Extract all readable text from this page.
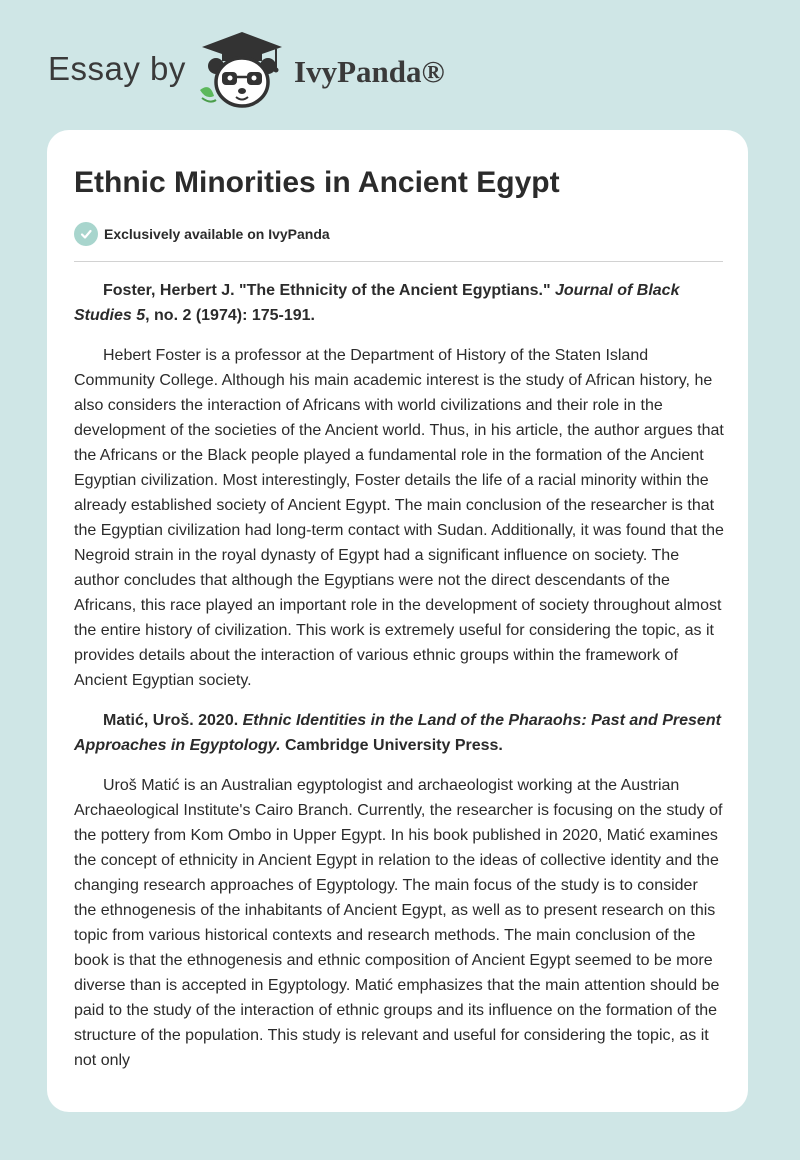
Essay by	IvyPanda®
Ethnic Minorities in Ancient Egypt
Exclusively available on IvyPanda

Foster, Herbert J. "The Ethnicity of the Ancient Egyptians." Journal of Black Studies 5, no. 2 (1974): 175-191.

Hebert Foster is a professor at the Department of History of the Staten Island Community College. Although his main academic interest is the study of African history, he also considers the interaction of Africans with world civilizations and their role in the development of the societies of the Ancient world. Thus, in his article, the author argues that the Africans or the Black people played a fundamental role in the formation of the Ancient Egyptian civilization. Most interestingly, Foster details the life of a racial minority within the already established society of Ancient Egypt. The main conclusion of the researcher is that the Egyptian civilization had long-term contact with Sudan. Additionally, it was found that the Negroid strain in the royal dynasty of Egypt had a significant influence on society. The author concludes that although the Egyptians were not the direct descendants of the Africans, this race played an important role in the development of society throughout almost the entire history of civilization. This work is extremely useful for considering the topic, as it provides details about the interaction of various ethnic groups within the framework of Ancient Egyptian society.

Matić, Uroš. 2020. Ethnic Identities in the Land of the Pharaohs: Past and Present Approaches in Egyptology. Cambridge University Press.

Uroš Matić is an Australian egyptologist and archaeologist working at the Austrian Archaeological Institute's Cairo Branch. Currently, the researcher is focusing on the study of the pottery from Kom Ombo in Upper Egypt. In his book published in 2020, Matić examines the concept of ethnicity in Ancient Egypt in relation to the ideas of collective identity and the changing research approaches of Egyptology. The main focus of the study is to consider the ethnogenesis of the inhabitants of Ancient Egypt, as well as to present research on this topic from various historical contexts and research methods. The main conclusion of the book is that the ethnogenesis and ethnic composition of Ancient Egypt seemed to be more diverse than is accepted in Egyptology. Matić emphasizes that the main attention should be paid to the study of the interaction of ethnic groups and its influence on the formation of the structure of the population. This study is relevant and useful for considering the topic, as it not only
